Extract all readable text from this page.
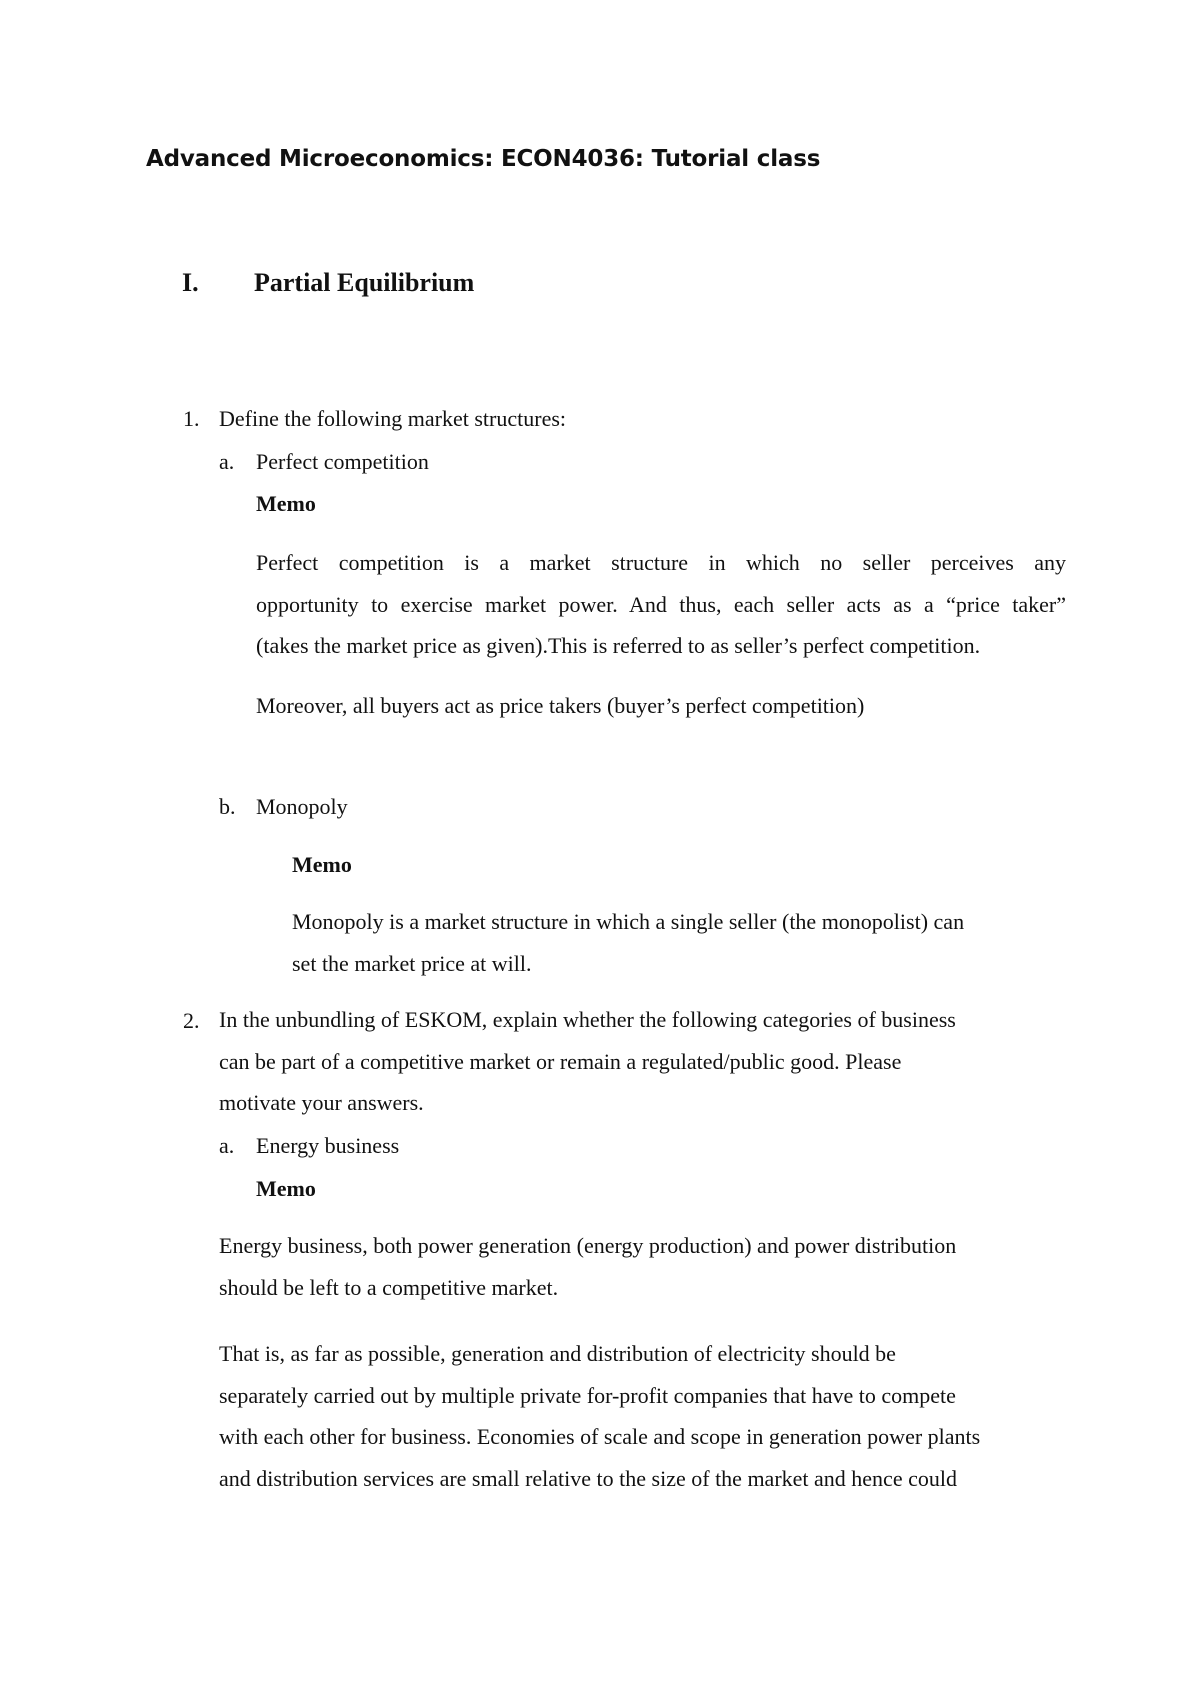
Advanced Microeconomics: ECON4036: Tutorial class
I. Partial Equilibrium
1. Define the following market structures:
a. Perfect competition
Memo
Perfect competition is a market structure in which no seller perceives any
opportunity to exercise market power. And thus, each seller acts as a “price taker”
(takes the market price as given).This is referred to as seller’s perfect competition.
Moreover, all buyers act as price takers (buyer’s perfect competition)
b. Monopoly
Memo
Monopoly is a market structure in which a single seller (the monopolist) can
set the market price at will.
2. In the unbundling of ESKOM, explain whether the following categories of business
can be part of a competitive market or remain a regulated/public good. Please
motivate your answers.
a. Energy business
Memo
Energy business, both power generation (energy production) and power distribution
should be left to a competitive market.
That is, as far as possible, generation and distribution of electricity should be
separately carried out by multiple private for-profit companies that have to compete
with each other for business. Economies of scale and scope in generation power plants
and distribution services are small relative to the size of the market and hence could
